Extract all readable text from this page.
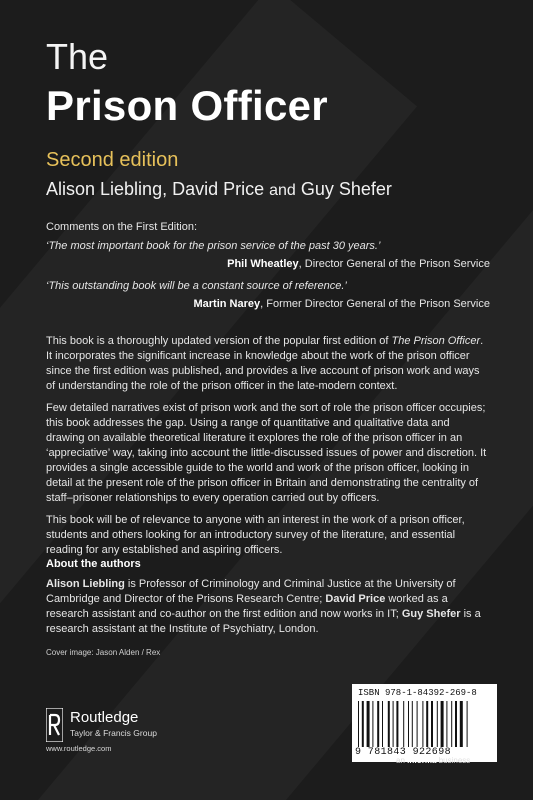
The
Prison Officer
Second edition
Alison Liebling, David Price and Guy Shefer

Comments on the First Edition:

‘The most important book for the prison service of the past 30 years.’

Phil Wheatley, Director General of the Prison Service

‘This outstanding book will be a constant source of reference.’

Martin Narey, Former Director General of the Prison Service

This book is a thoroughly updated version of the popular first edition of The Prison Officer. It incorporates the significant increase in knowledge about the work of the prison officer since the first edition was published, and provides a live account of prison work and ways of understanding the role of the prison officer in the late-modern context.

Few detailed narratives exist of prison work and the sort of role the prison officer occupies; this book addresses the gap. Using a range of quantitative and qualitative data and drawing on available theoretical literature it explores the role of the prison officer in an ‘appreciative’ way, taking into account the little-discussed issues of power and discretion. It provides a single accessible guide to the world and work of the prison officer, looking in detail at the present role of the prison officer in Britain and demonstrating the centrality of staff–prisoner relationships to every operation carried out by officers.

This book will be of relevance to anyone with an interest in the work of a prison officer, students and others looking for an introductory survey of the literature, and essential reading for any established and aspiring officers.

About the authors

Alison Liebling is Professor of Criminology and Criminal Justice at the University of Cambridge and Director of the Prisons Research Centre; David Price worked as a research assistant and co-author on the first edition and now works in IT; Guy Shefer is a research assistant at the Institute of Psychiatry, London.

Cover image: Jason Alden / Rex

Routledge
Taylor & Francis Group
www.routledge.com
ISBN 978-1-84392-269-8
9 781843 922698
an informa business
